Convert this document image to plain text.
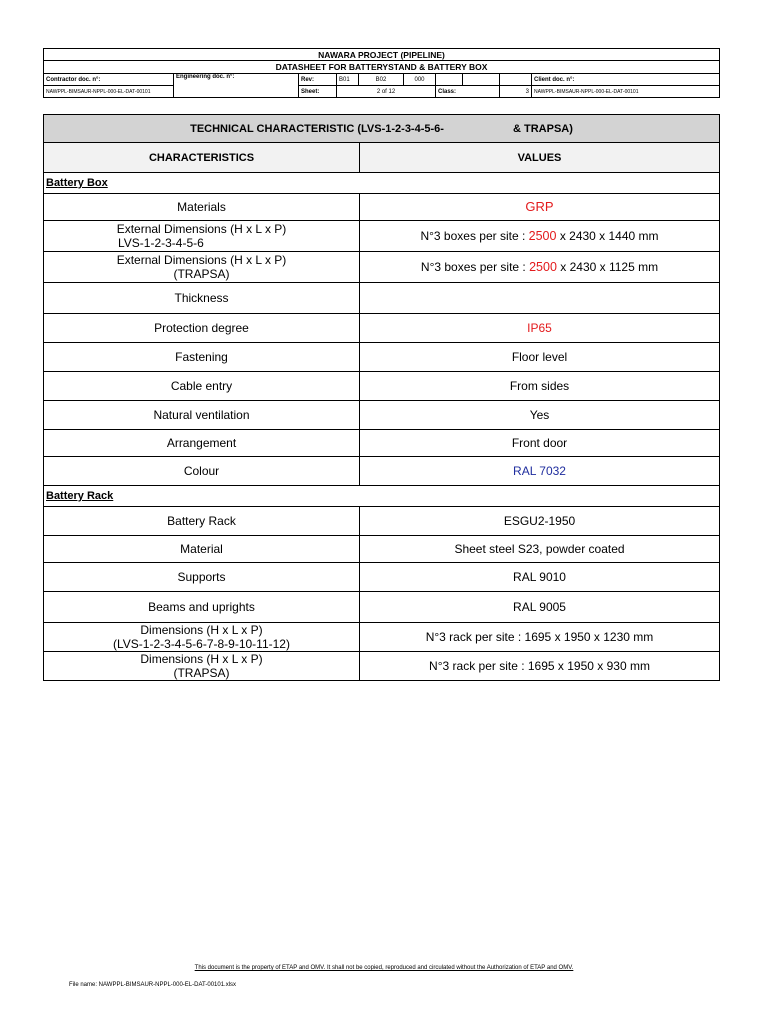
NAWARA PROJECT (PIPELINE)									
DATASHEET FOR BATTERYSTAND & BATTERY BOX									
Contractor doc. n°:	Engineering doc. n°:	Rev:	B01	B02	000				Client doc. n°:
NAWPPL-BIMSAUR-NPPL-000-EL-DAT-00101		Sheet:	2 of 12			Class:		3	NAWPPL-BIMSAUR-NPPL-000-EL-DAT-00101
TECHNICAL CHARACTERISTIC (LVS-1-2-3-4-5-6- & TRAPSA)	
CHARACTERISTICS	VALUES
Battery Box	
Materials	GRP

External Dimensions (H x L x P)
LVS-1-2-3-4-5-6	N°3 boxes per site : 2500 x 2430 x 1440 mm

External Dimensions (H x L x P)
(TRAPSA)	N°3 boxes per site : 2500 x 2430 x 1125 mm
Thickness	
Protection degree	IP65
Fastening	Floor level
Cable entry	From sides
Natural ventilation	Yes
Arrangement	Front door
Colour	RAL 7032
Battery Rack	
Battery Rack	ESGU2-1950
Material	Sheet steel S23, powder coated
Supports	RAL 9010
Beams and uprights	RAL 9005

Dimensions (H x L x P)
(LVS-1-2-3-4-5-6-7-8-9-10-11-12)	N°3 rack per site : 1695 x 1950 x 1230 mm

Dimensions (H x L x P)
(TRAPSA)	N°3 rack per site : 1695 x 1950 x 930 mm
This document is the property of ETAP and OMV. It shall not be copied, reproduced and circulated without the Authorization of ETAP and OMV.
File name: NAWPPL-BIMSAUR-NPPL-000-EL-DAT-00101.xlsx
